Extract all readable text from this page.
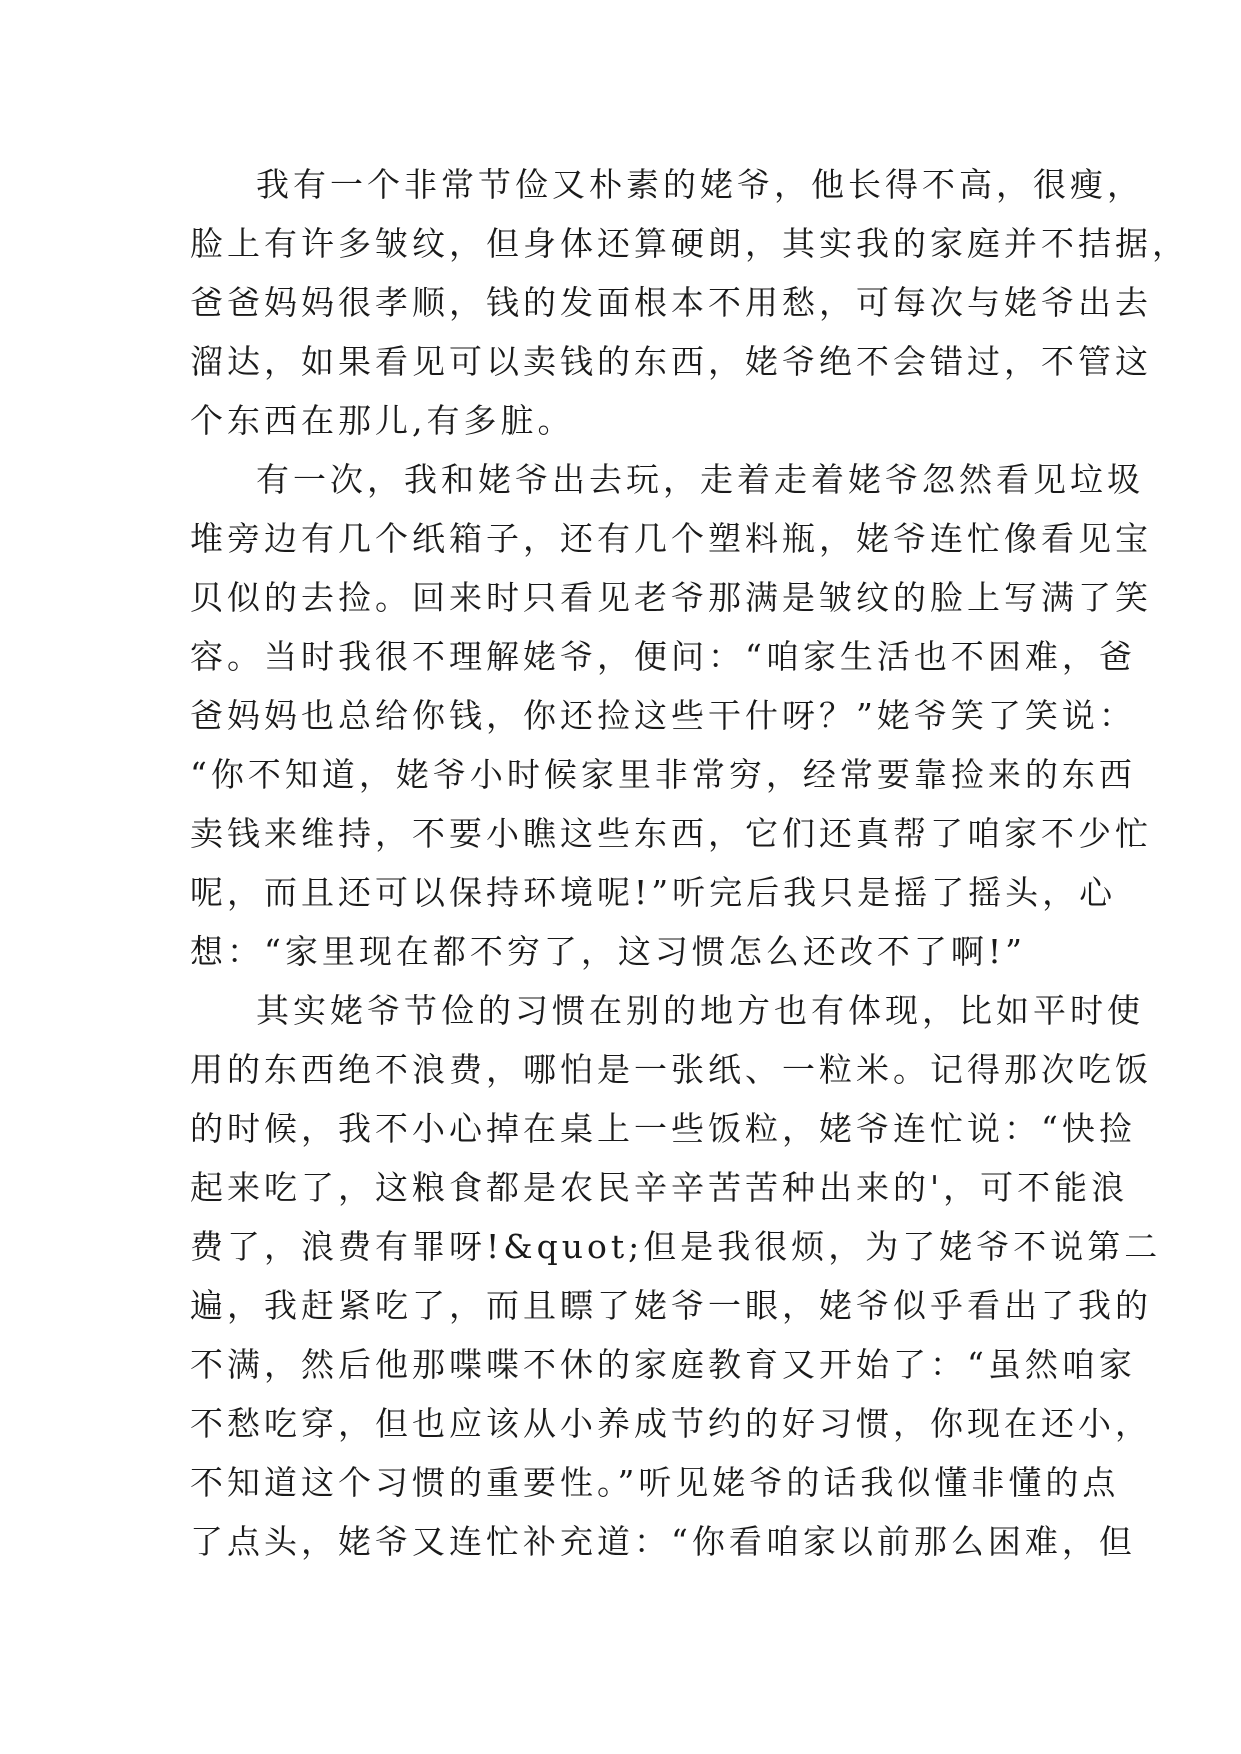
我有一个非常节俭又朴素的姥爷，他长得不高，很瘦，
脸上有许多皱纹，但身体还算硬朗，其实我的家庭并不拮据，
爸爸妈妈很孝顺，钱的发面根本不用愁，可每次与姥爷出去
溜达，如果看见可以卖钱的东西，姥爷绝不会错过，不管这
个东西在那儿,有多脏。
有一次，我和姥爷出去玩，走着走着姥爷忽然看见垃圾
堆旁边有几个纸箱子，还有几个塑料瓶，姥爷连忙像看见宝
贝似的去捡。回来时只看见老爷那满是皱纹的脸上写满了笑
容。当时我很不理解姥爷，便问：“咱家生活也不困难，爸
爸妈妈也总给你钱，你还捡这些干什呀？”姥爷笑了笑说：
“你不知道，姥爷小时候家里非常穷，经常要靠捡来的东西
卖钱来维持，不要小瞧这些东西，它们还真帮了咱家不少忙
呢，而且还可以保持环境呢!”听完后我只是摇了摇头，心
想：“家里现在都不穷了，这习惯怎么还改不了啊!”
其实姥爷节俭的习惯在别的地方也有体现，比如平时使
用的东西绝不浪费，哪怕是一张纸、一粒米。记得那次吃饭
的时候，我不小心掉在桌上一些饭粒，姥爷连忙说：“快捡
起来吃了，这粮食都是农民辛辛苦苦种出来的'，可不能浪
费了，浪费有罪呀!&quot;但是我很烦，为了姥爷不说第二
遍，我赶紧吃了，而且瞟了姥爷一眼，姥爷似乎看出了我的
不满，然后他那喋喋不休的家庭教育又开始了：“虽然咱家
不愁吃穿，但也应该从小养成节约的好习惯，你现在还小，
不知道这个习惯的重要性。”听见姥爷的话我似懂非懂的点
了点头，姥爷又连忙补充道：“你看咱家以前那么困难，但
